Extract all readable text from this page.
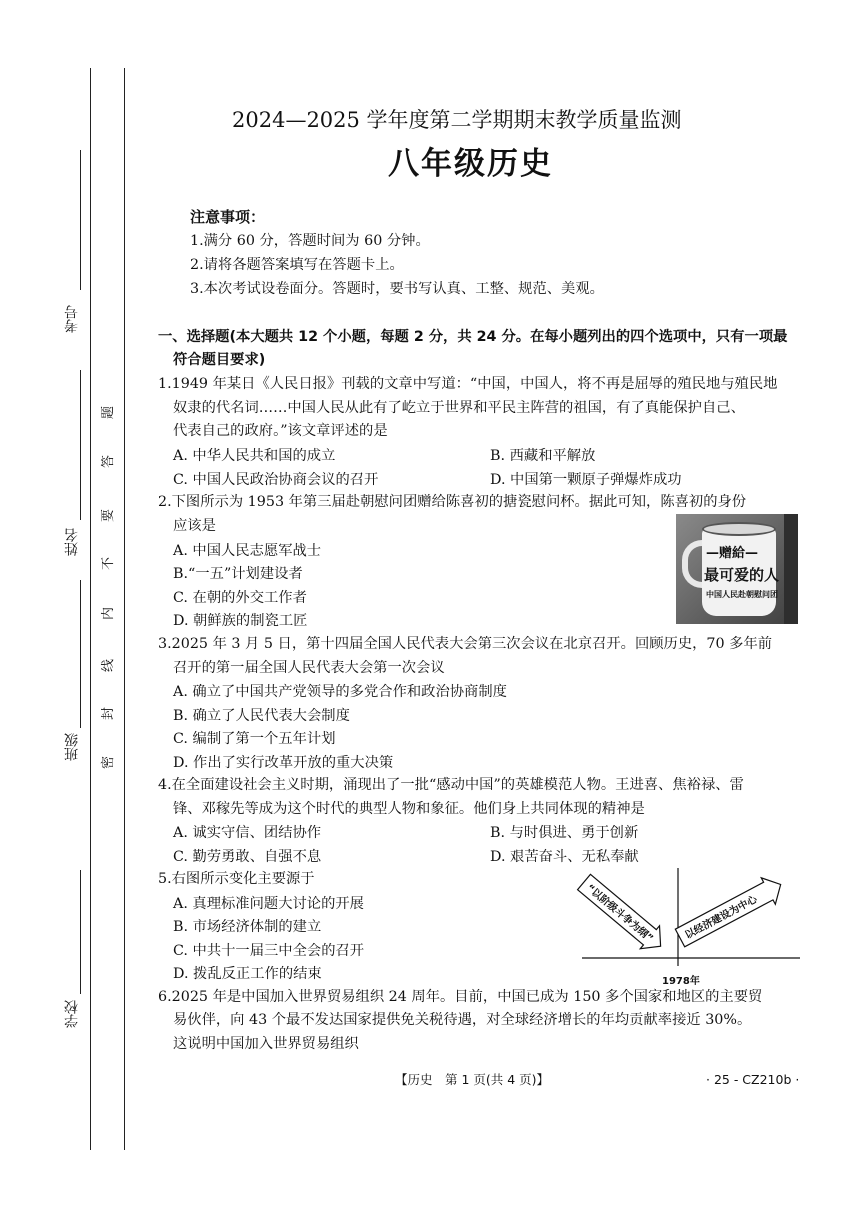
考号
姓名
班级
学校
题
答
要
不
内
线
封
密
2024—2025 学年度第二学期期末教学质量监测
八年级历史
注意事项：
1.满分 60 分，答题时间为 60 分钟。
2.请将各题答案填写在答题卡上。
3.本次考试设卷面分。答题时，要书写认真、工整、规范、美观。
一、选择题(本大题共 12 个小题，每题 2 分，共 24 分。在每小题列出的四个选项中，只有一项最
符合题目要求)
1.1949 年某日《人民日报》刊载的文章中写道：“中国，中国人，将不再是屈辱的殖民地与殖民地
奴隶的代名词……中国人民从此有了屹立于世界和平民主阵营的祖国，有了真能保护自己、
代表自己的政府。”该文章评述的是
A. 中华人民共和国的成立	B. 西藏和平解放
C. 中国人民政治协商会议的召开	D. 中国第一颗原子弹爆炸成功
2.下图所示为 1953 年第三届赴朝慰问团赠给陈喜初的搪瓷慰问杯。据此可知，陈喜初的身份
应该是
A. 中国人民志愿军战士
B.“一五”计划建设者
C. 在朝的外交工作者
D. 朝鲜族的制瓷工匠
—赠給—
最可爱的人
中国人民赴朝慰问团
3.2025 年 3 月 5 日，第十四届全国人民代表大会第三次会议在北京召开。回顾历史，70 多年前
召开的第一届全国人民代表大会第一次会议
A. 确立了中国共产党领导的多党合作和政治协商制度
B. 确立了人民代表大会制度
C. 编制了第一个五年计划
D. 作出了实行改革开放的重大决策
4.在全面建设社会主义时期，涌现出了一批“感动中国”的英雄模范人物。王进喜、焦裕禄、雷
锋、邓稼先等成为这个时代的典型人物和象征。他们身上共同体现的精神是
A. 诚实守信、团结协作	B. 与时俱进、勇于创新
C. 勤劳勇敢、自强不息	D. 艰苦奋斗、无私奉献
5.右图所示变化主要源于
A. 真理标准问题大讨论的开展
B. 市场经济体制的建立
C. 中共十一届三中全会的召开
D. 拨乱反正工作的结束
“以阶级斗争为纲”	以经济建设为中心
1978年
6.2025 年是中国加入世界贸易组织 24 周年。目前，中国已成为 150 多个国家和地区的主要贸
易伙伴，向 43 个最不发达国家提供免关税待遇，对全球经济增长的年均贡献率接近 30%。
这说明中国加入世界贸易组织
【历史　第 1 页(共 4 页)】	· 25 - CZ210b ·
